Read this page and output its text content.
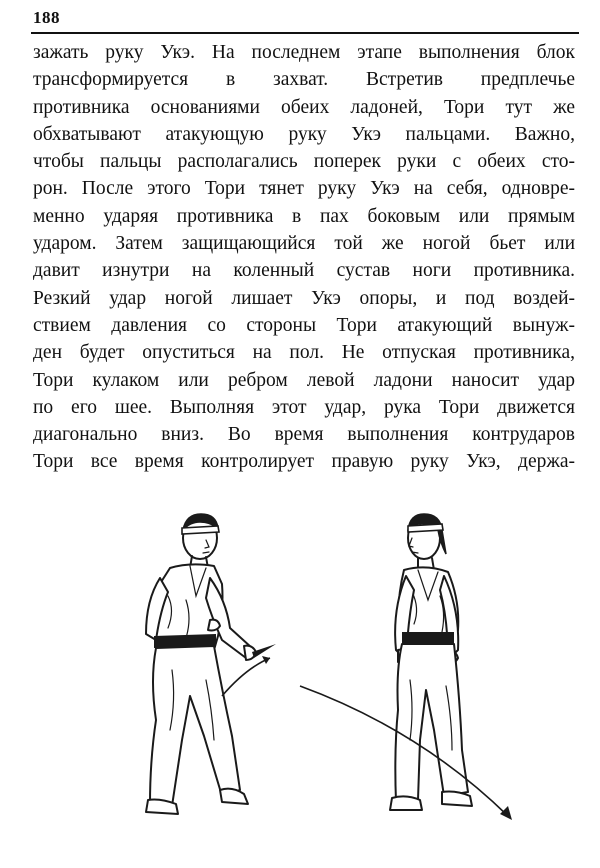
188
зажать руку Укэ. На последнем этапе выполнения блок
трансформируется в захват. Встретив предплечье
противника основаниями обеих ладоней, Тори тут же
обхватывают атакующую руку Укэ пальцами. Важно,
чтобы пальцы располагались поперек руки с обеих сто-
рон. После этого Тори тянет руку Укэ на себя, одновре-
менно ударяя противника в пах боковым или прямым
ударом. Затем защищающийся той же ногой бьет или
давит изнутри на коленный сустав ноги противника.
Резкий удар ногой лишает Укэ опоры, и под воздей-
ствием давления со стороны Тори атакующий вынуж-
ден будет опуститься на пол. Не отпуская противника,
Тори кулаком или ребром левой ладони наносит удар
по его шее. Выполняя этот удар, рука Тори движется
диагонально вниз. Во время выполнения контрударов
Тори все время контролирует правую руку Укэ, держа-
